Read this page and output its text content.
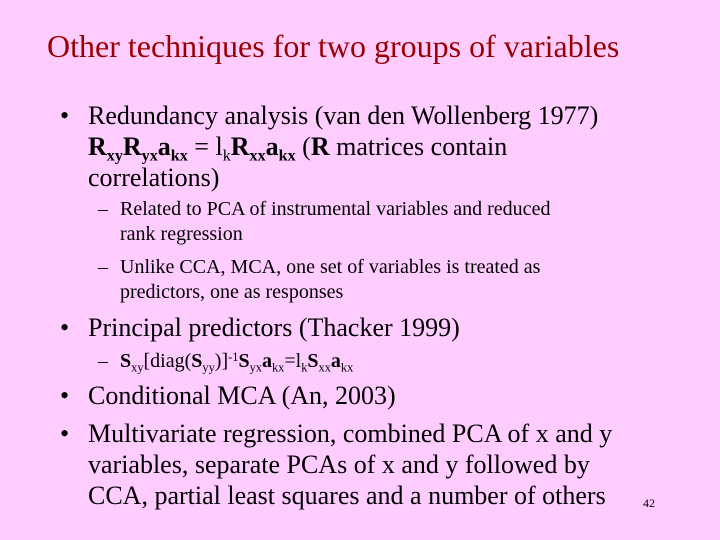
Other techniques for two groups of variables
• Redundancy analysis (van den Wollenberg 1977)
$R_{xy}R_{yx}a_{kx} = l_kR_{xx}a_{kx}$ (R matrices contain
correlations)
– Related to PCA of instrumental variables and reduced
rank regression
– Unlike CCA, MCA, one set of variables is treated as
predictors, one as responses
• Principal predictors (Thacker 1999)
– $S_{xy}[diag(S_{yy})]^{-1}S_{yx}a_{kx}=l_kS_{xx}a_{kx}$
• Conditional MCA (An, 2003)
• Multivariate regression, combined PCA of x and y
variables, separate PCAs of x and y followed by
CCA, partial least squares and a number of others	42
